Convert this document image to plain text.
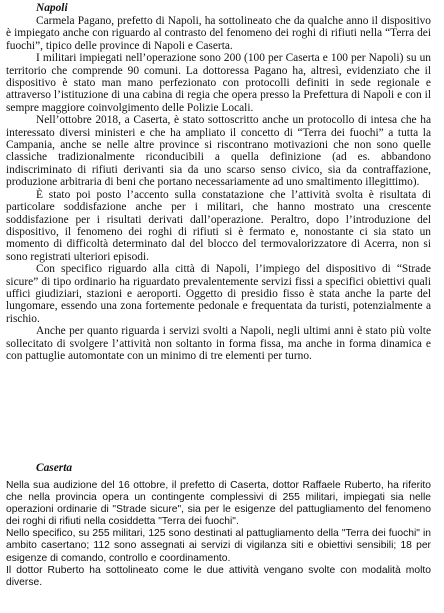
Napoli

Carmela Pagano, prefetto di Napoli, ha sottolineato che da qualche anno il dispositivo è impiegato anche con riguardo al contrasto del fenomeno dei roghi di rifiuti nella “Terra dei fuochi”, tipico delle province di Napoli e Caserta.

I militari impiegati nell’operazione sono 200 (100 per Caserta e 100 per Napoli) su un territorio che comprende 90 comuni. La dottoressa Pagano ha, altresì, evidenziato che il dispositivo è stato man mano perfezionato con protocolli definiti in sede regionale e attraverso l’istituzione di una cabina di regia che opera presso la Prefettura di Napoli e con il sempre maggiore coinvolgimento delle Polizie Locali.

Nell’ottobre 2018, a Caserta, è stato sottoscritto anche un protocollo di intesa che ha interessato diversi ministeri e che ha ampliato il concetto di “Terra dei fuochi” a tutta la Campania, anche se nelle altre province si riscontrano motivazioni che non sono quelle classiche tradizionalmente riconducibili a quella definizione (ad es. abbandono indiscriminato di rifiuti derivanti sia da uno scarso senso civico, sia da contraffazione, produzione arbitraria di beni che portano necessariamente ad uno smaltimento illegittimo).

È stato poi posto l’accento sulla constatazione che l’attività svolta è risultata di particolare soddisfazione anche per i militari, che hanno mostrato una crescente soddisfazione per i risultati derivati dall’operazione. Peraltro, dopo l’introduzione del dispositivo, il fenomeno dei roghi di rifiuti si è fermato e, nonostante ci sia stato un momento di difficoltà determinato dal del blocco del termovalorizzatore di Acerra, non si sono registrati ulteriori episodi.

Con specifico riguardo alla città di Napoli, l’impiego del dispositivo di “Strade sicure” di tipo ordinario ha riguardato prevalentemente servizi fissi a specifici obiettivi quali uffici giudiziari, stazioni e aeroporti. Oggetto di presidio fisso è stata anche la parte del lungomare, essendo una zona fortemente pedonale e frequentata da turisti, potenzialmente a rischio.

Anche per quanto riguarda i servizi svolti a Napoli, negli ultimi anni è stato più volte sollecitato di svolgere l’attività non soltanto in forma fissa, ma anche in forma dinamica e con pattuglie automontate con un minimo di tre elementi per turno.

Caserta

Nella sua audizione del 16 ottobre, il prefetto di Caserta, dottor Raffaele Ruberto, ha riferito che nella provincia opera un contingente complessivi di 255 militari, impiegati sia nelle operazioni ordinarie di "Strade sicure", sia per le esigenze del pattugliamento del fenomeno dei roghi di rifiuti nella cosiddetta "Terra dei fuochi".

Nello specifico, su 255 militari, 125 sono destinati al pattugliamento della "Terra dei fuochi" in ambito casertano; 112 sono assegnati ai servizi di vigilanza siti e obiettivi sensibili; 18 per esigenze di comando, controllo e coordinamento.

Il dottor Ruberto ha sottolineato come le due attività vengano svolte con modalità molto diverse.
